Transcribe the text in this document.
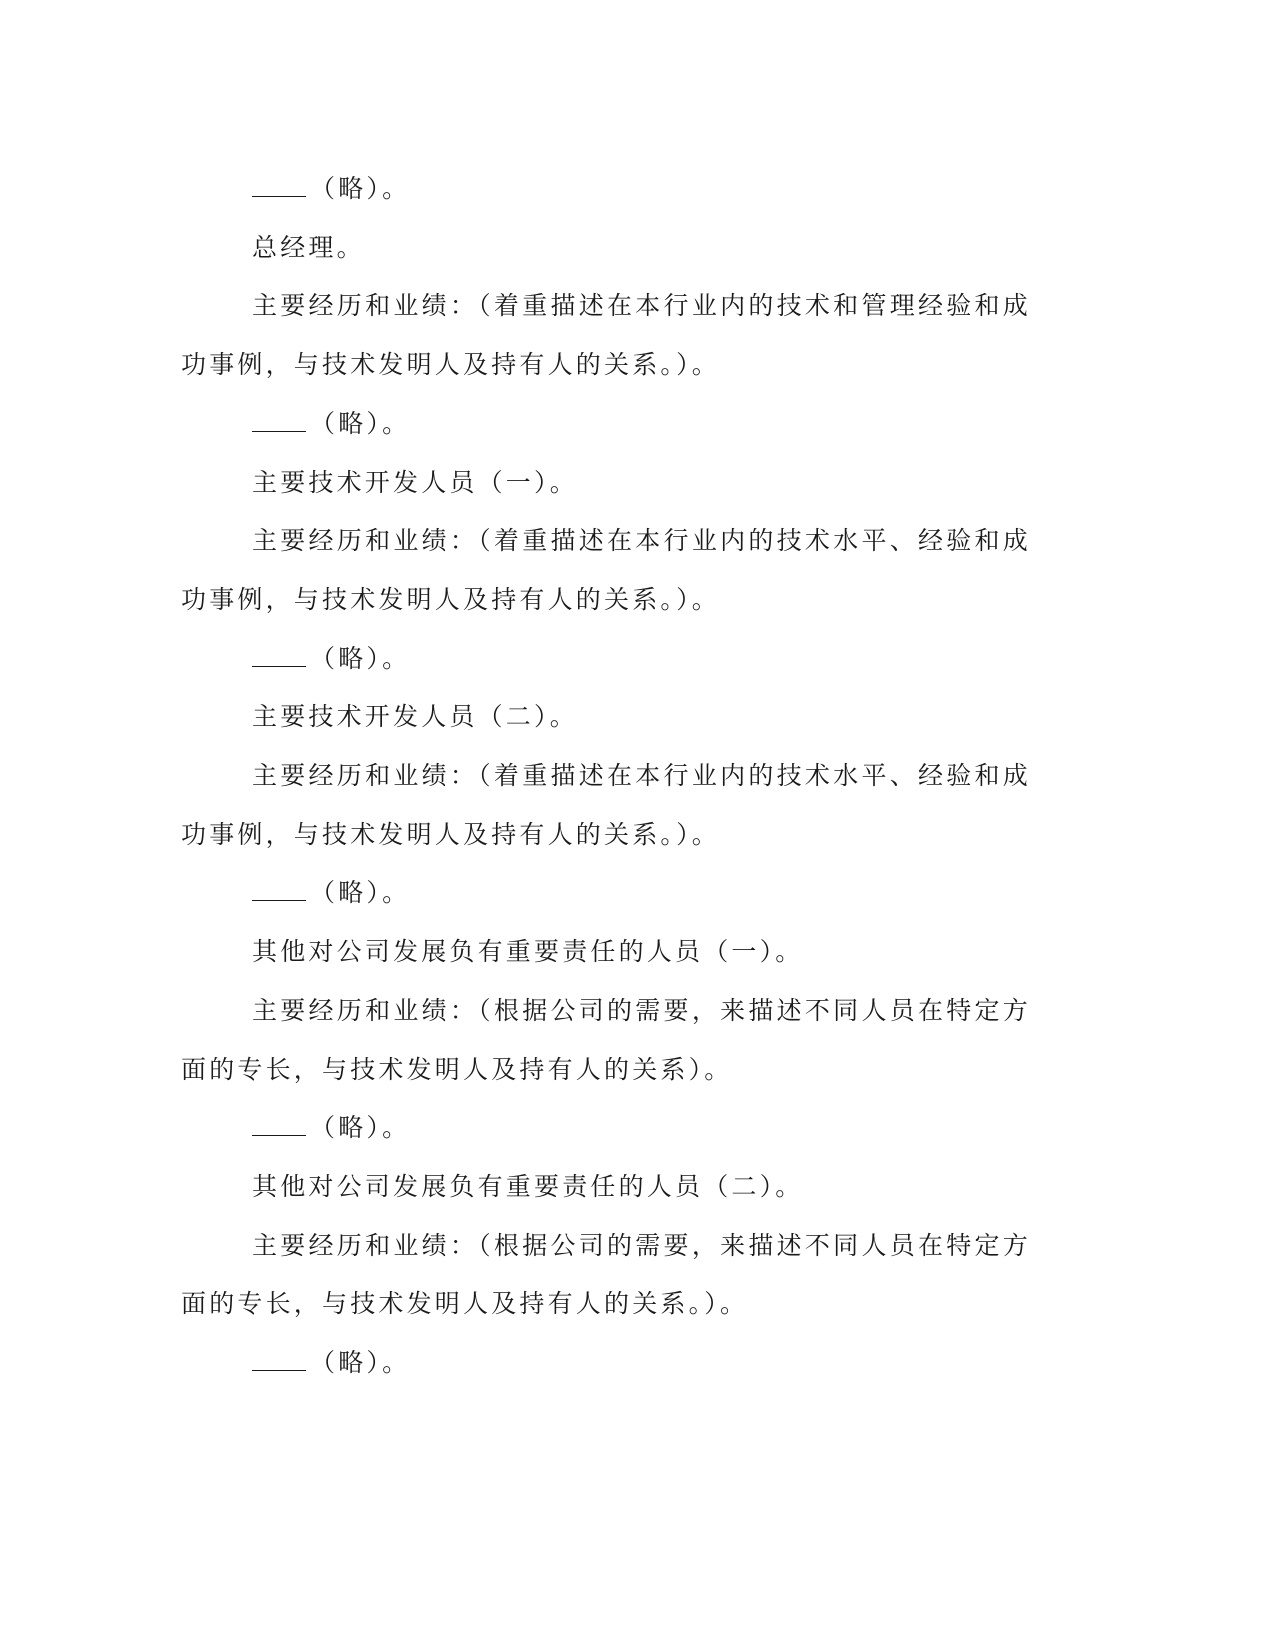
（略）。

总经理。

主要经历和业绩：（着重描述在本行业内的技术和管理经验和成功事例，与技术发明人及持有人的关系。）。

（略）。

主要技术开发人员（一）。

主要经历和业绩：（着重描述在本行业内的技术水平、经验和成功事例，与技术发明人及持有人的关系。）。

（略）。

主要技术开发人员（二）。

主要经历和业绩：（着重描述在本行业内的技术水平、经验和成功事例，与技术发明人及持有人的关系。）。

（略）。

其他对公司发展负有重要责任的人员（一）。

主要经历和业绩：（根据公司的需要，来描述不同人员在特定方面的专长，与技术发明人及持有人的关系）。

（略）。

其他对公司发展负有重要责任的人员（二）。

主要经历和业绩：（根据公司的需要，来描述不同人员在特定方面的专长，与技术发明人及持有人的关系。）。

（略）。
